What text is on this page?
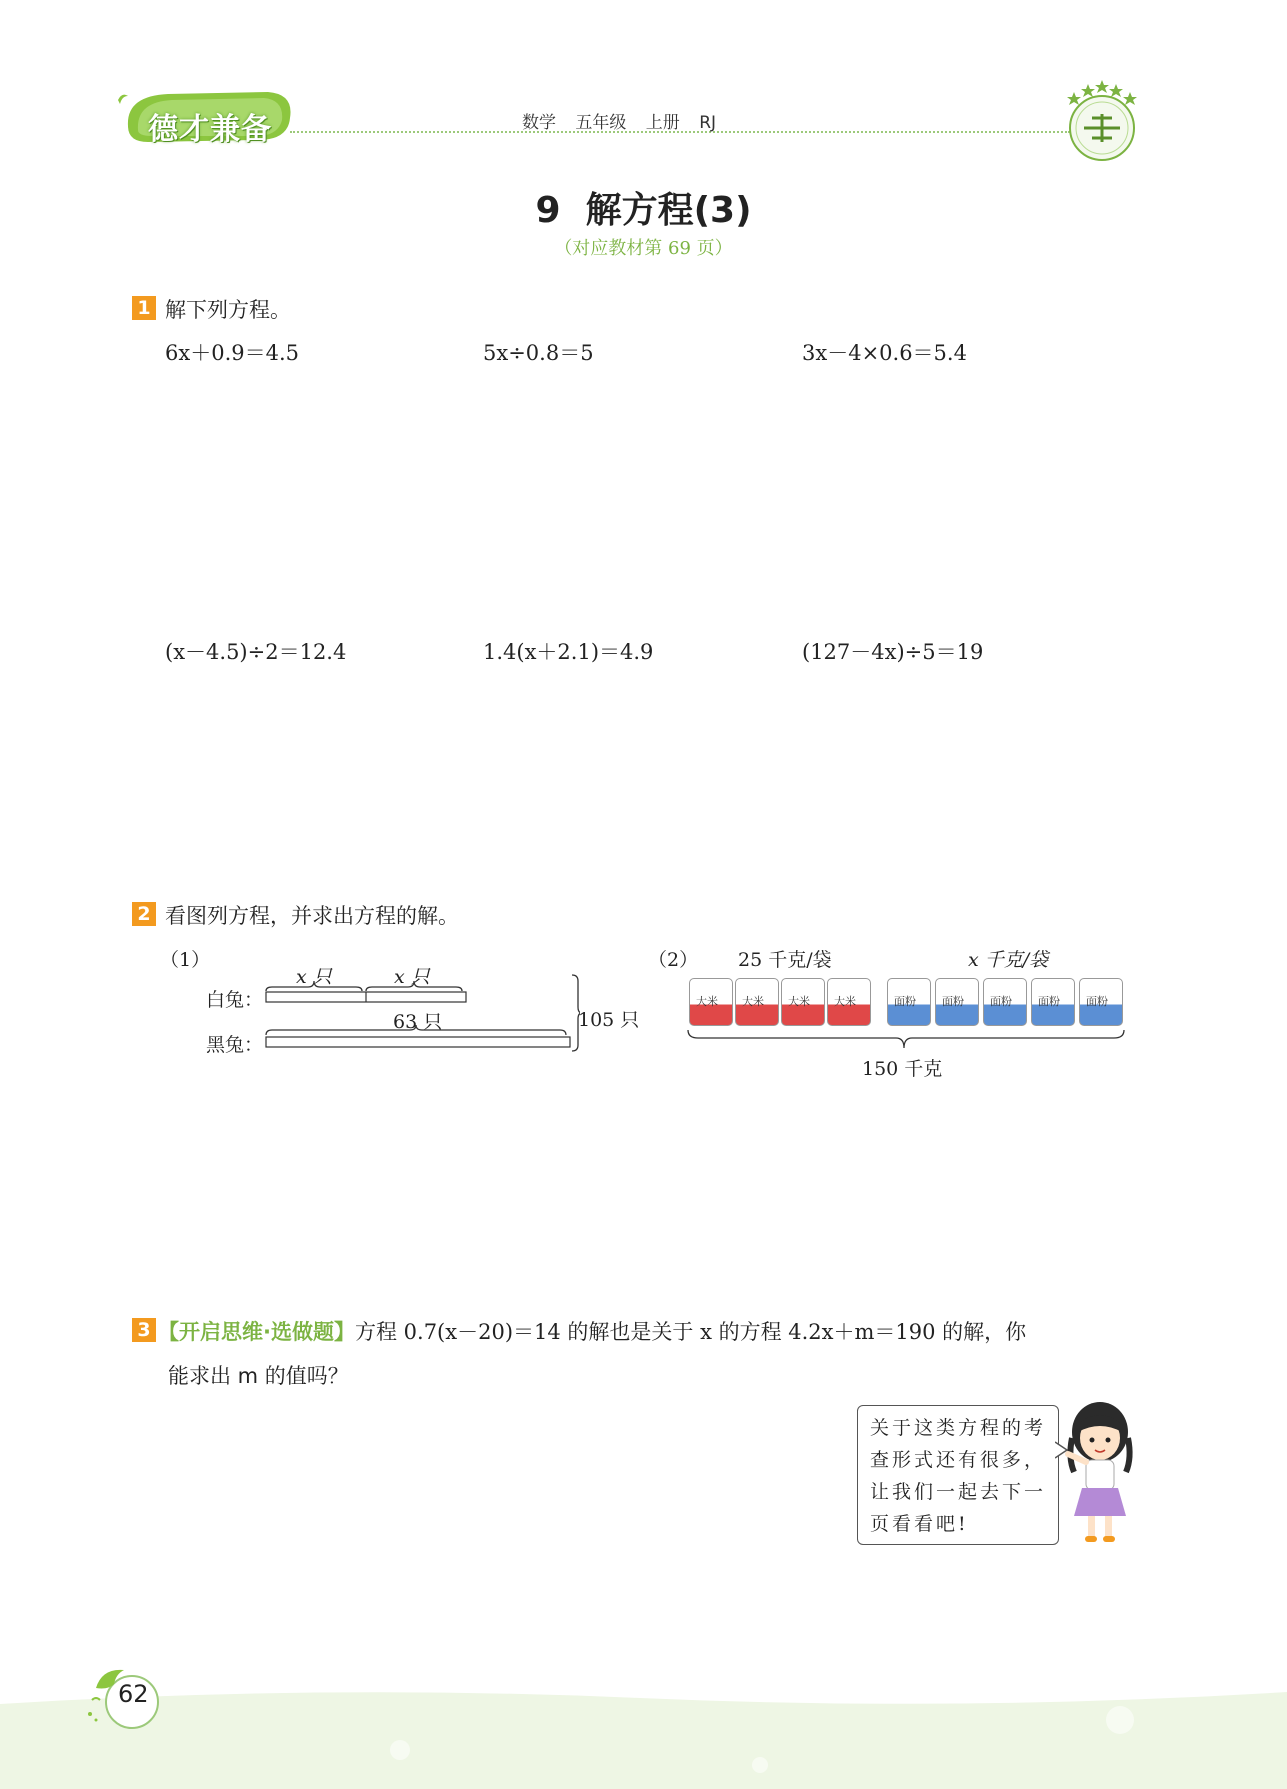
德才兼备	数学 五年级 上册 RJ
9  解方程(3)
（对应教材第 69 页）
1 解下列方程。
6x＋0.9＝4.5	5x÷0.8＝5	3x－4×0.6＝5.4
(x－4.5)÷2＝12.4	1.4(x＋2.1)＝4.9	(127－4x)÷5＝19
2 看图列方程，并求出方程的解。
（1）
x 只	x 只
白兔：
63 只
黑兔：
105 只
（2） 25 千克/袋	x 千克/袋
大米 大米 大米 大米	面粉 面粉 面粉 面粉 面粉
150 千克
3 【开启思维·选做题】方程 0.7(x－20)＝14 的解也是关于 x 的方程 4.2x＋m＝190 的解，你
能求出 m 的值吗？
关于这类方程的考查形式还有很多，让我们一起去下一页看看吧!
62
